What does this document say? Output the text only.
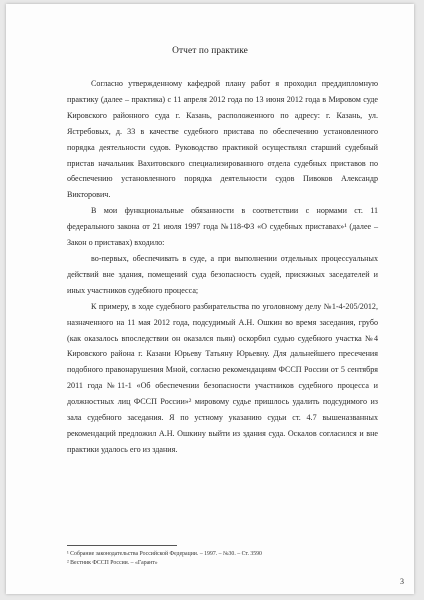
Отчет по практике

Согласно утвержденному кафедрой плану работ я проходил преддипломную практику (далее – практика) с 11 апреля 2012 года по 13 июня 2012 года в Мировом суде Кировского районного суда г. Казань, расположенного по адресу: г. Казань, ул. Ястребовых, д. 33 в качестве судебного пристава по обеспечению установленного порядка деятельности судов. Руководство практикой осуществлял старший судебный пристав начальник Вахитовского специализированного отдела судебных приставов по обеспечению установленного порядка деятельности судов Пивоков Александр Викторович.

В мои функциональные обязанности в соответствии с нормами ст. 11 федерального закона от 21 июля 1997 года №118-ФЗ «О судебных приставах»¹ (далее – Закон о приставах) входило:

во-первых, обеспечивать в суде, а при выполнении отдельных процессуальных действий вне здания, помещений суда безопасность судей, присяжных заседателей и иных участников судебного процесса;

К примеру, в ходе судебного разбирательства по уголовному делу №1-4-205/2012, назначенного на 11 мая 2012 года, подсудимый А.Н. Ошкин во время заседания, грубо (как оказалось впоследствии он оказался пьян) оскорбил судью судебного участка №4 Кировского района г. Казани Юрьеву Татьяну Юрьевну. Для дальнейшего пресечения подобного правонарушения Мной, согласно рекомендациям ФССП России от 5 сентября 2011 года №11-1 «Об обеспечении безопасности участников судебного процесса и должностных лиц ФССП России»² мировому судье пришлось удалить подсудимого из зала судебного заседания. Я по устному указанию судьи ст. 4.7 вышеназванных рекомендаций предложил А.Н. Ошкину выйти из здания суда. Оскалов согласился и вне практики удалось его из здания.

¹ Собрание законодательства Российской Федерации. – 1997. – №30. – Ст. 3590
² Вестник ФССП России. – «Гарант»
3
